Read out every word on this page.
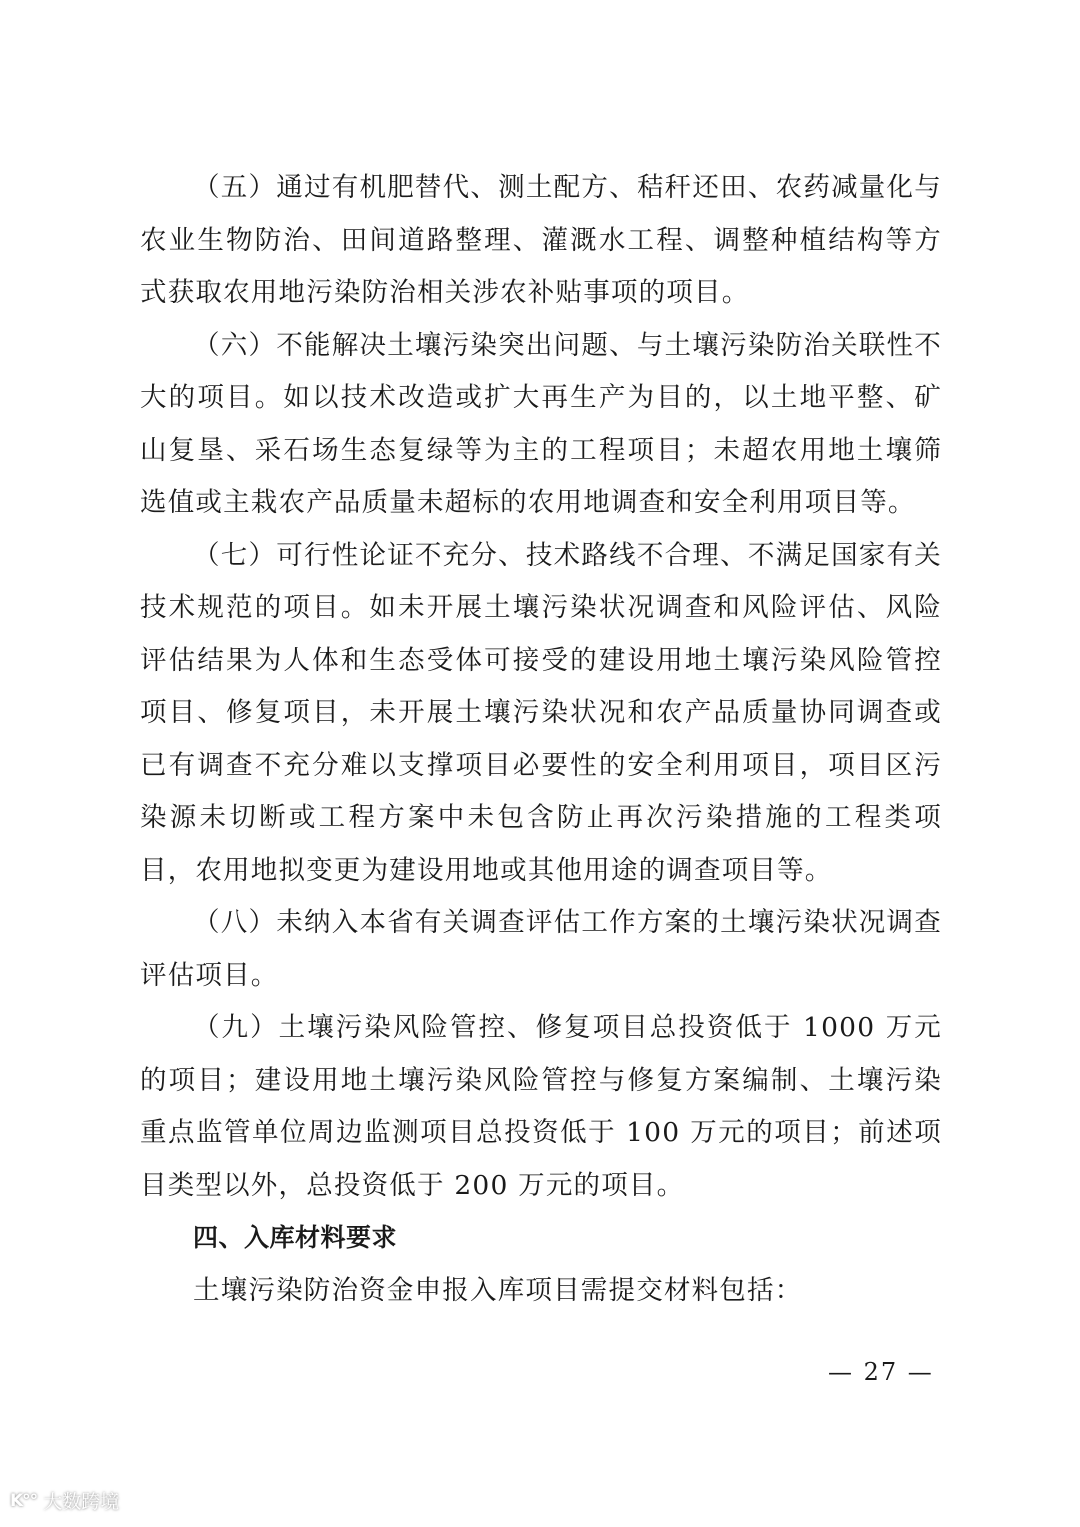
（五）通过有机肥替代、测土配方、秸秆还田、农药减量化与农业生物防治、田间道路整理、灌溉水工程、调整种植结构等方式获取农用地污染防治相关涉农补贴事项的项目。

（六）不能解决土壤污染突出问题、与土壤污染防治关联性不大的项目。如以技术改造或扩大再生产为目的，以土地平整、矿山复垦、采石场生态复绿等为主的工程项目；未超农用地土壤筛选值或主栽农产品质量未超标的农用地调查和安全利用项目等。

（七）可行性论证不充分、技术路线不合理、不满足国家有关技术规范的项目。如未开展土壤污染状况调查和风险评估、风险评估结果为人体和生态受体可接受的建设用地土壤污染风险管控项目、修复项目，未开展土壤污染状况和农产品质量协同调查或已有调查不充分难以支撑项目必要性的安全利用项目，项目区污染源未切断或工程方案中未包含防止再次污染措施的工程类项目，农用地拟变更为建设用地或其他用途的调查项目等。

（八）未纳入本省有关调查评估工作方案的土壤污染状况调查评估项目。

（九）土壤污染风险管控、修复项目总投资低于 1000 万元的项目；建设用地土壤污染风险管控与修复方案编制、土壤污染重点监管单位周边监测项目总投资低于 100 万元的项目；前述项目类型以外，总投资低于 200 万元的项目。

四、入库材料要求

土壤污染防治资金申报入库项目需提交材料包括：

— 27 —
K°° 大数跨境
